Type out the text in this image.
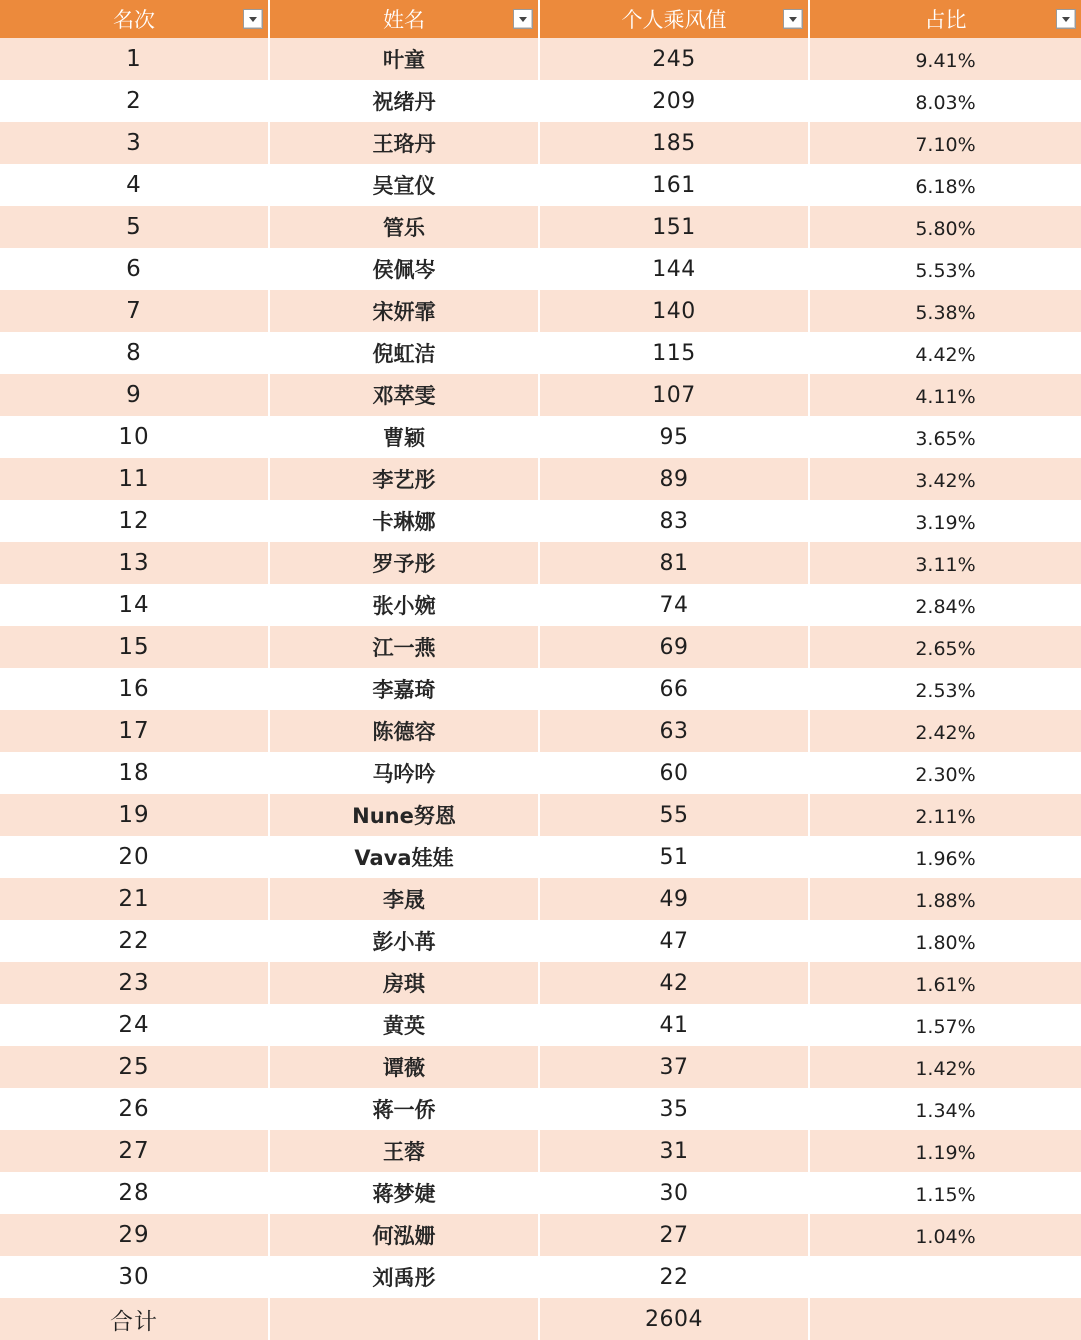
名次	姓名	个人乘风值	占比

1	叶童	245	9.41%
2	祝绪丹	209	8.03%
3	王珞丹	185	7.10%
4	吴宣仪	161	6.18%
5	管乐	151	5.80%
6	侯佩岑	144	5.53%
7	宋妍霏	140	5.38%
8	倪虹洁	115	4.42%
9	邓萃雯	107	4.11%
10	曹颖	95	3.65%
11	李艺彤	89	3.42%
12	卡琳娜	83	3.19%
13	罗予彤	81	3.11%
14	张小婉	74	2.84%
15	江一燕	69	2.65%
16	李嘉琦	66	2.53%
17	陈德容	63	2.42%
18	马吟吟	60	2.30%
19	Nune努恩	55	2.11%
20	Vava娃娃	51	1.96%
21	李晟	49	1.88%
22	彭小苒	47	1.80%
23	房琪	42	1.61%
24	黄英	41	1.57%
25	谭薇	37	1.42%
26	蒋一侨	35	1.34%
27	王蓉	31	1.19%
28	蒋梦婕	30	1.15%
29	何泓姗	27	1.04%
30	刘禹彤	22	
合计		2604	
